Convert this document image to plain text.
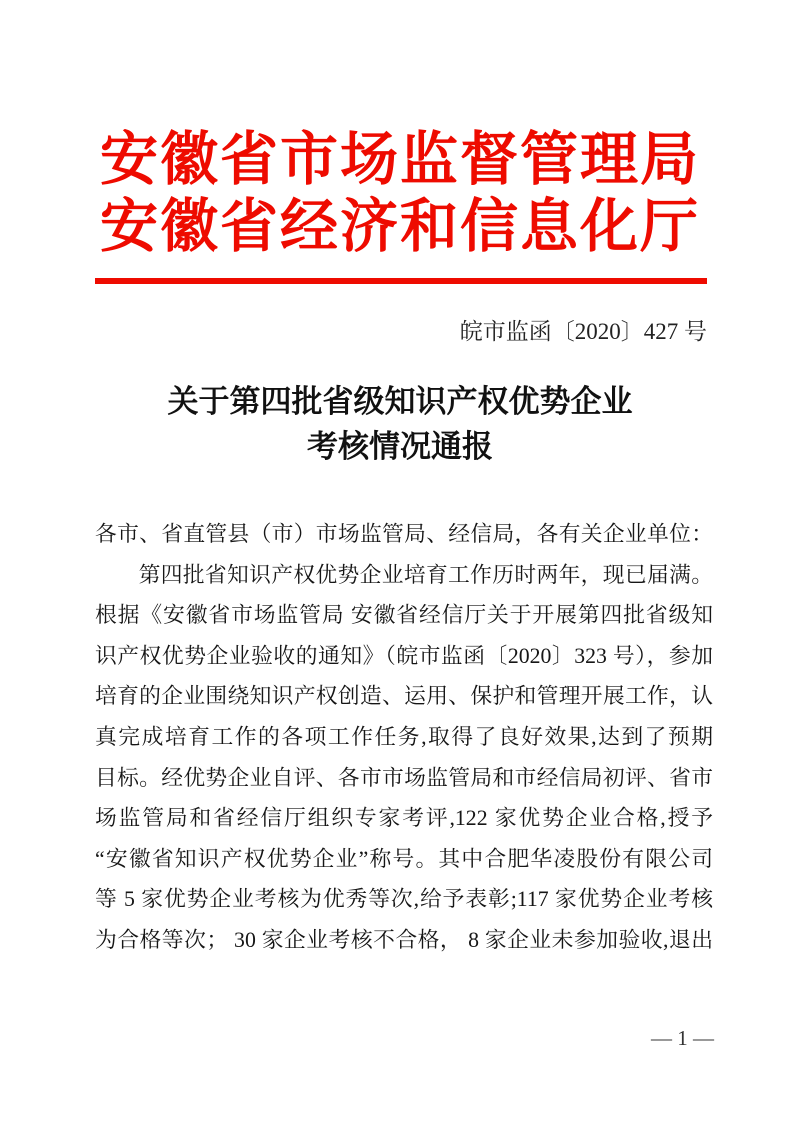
安徽省市场监督管理局
安徽省经济和信息化厅
皖市监函〔2020〕427 号
关于第四批省级知识产权优势企业
考核情况通报
各市、省直管县（市）市场监管局、经信局，各有关企业单位：
第四批省知识产权优势企业培育工作历时两年，现已届满。
根据《安徽省市场监管局 安徽省经信厅关于开展第四批省级知
识产权优势企业验收的通知》（皖市监函〔2020〕323 号），参加
培育的企业围绕知识产权创造、运用、保护和管理开展工作，认
真完成培育工作的各项工作任务,取得了良好效果,达到了预期
目标。经优势企业自评、各市市场监管局和市经信局初评、省市
场监管局和省经信厅组织专家考评,122 家优势企业合格,授予
“安徽省知识产权优势企业”称号。其中合肥华凌股份有限公司
等 5 家优势企业考核为优秀等次,给予表彰;117 家优势企业考核
为合格等次； 30 家企业考核不合格， 8 家企业未参加验收,退出
— 1 —
